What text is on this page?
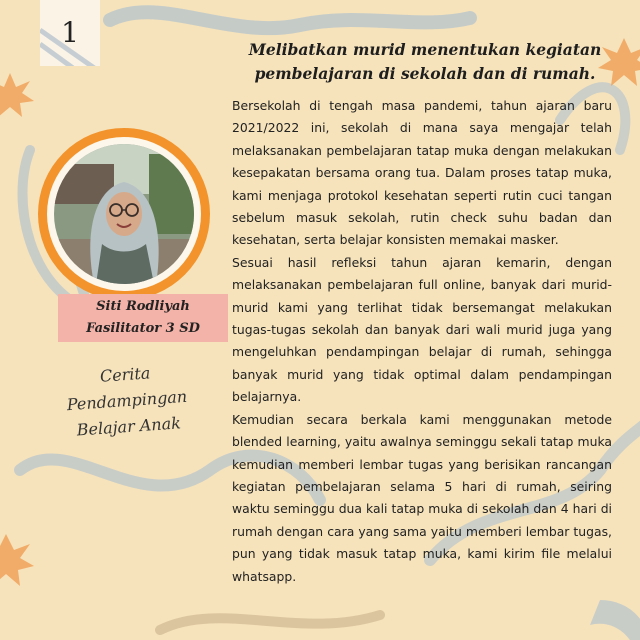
1
Melibatkan murid menentukan kegiatan pembelajaran di sekolah dan di rumah.

Bersekolah di tengah masa pandemi, tahun ajaran baru 2021/2022 ini, sekolah di mana saya mengajar telah melaksanakan pembelajaran tatap muka dengan melakukan kesepakatan bersama orang tua. Dalam proses tatap muka, kami menjaga protokol kesehatan seperti rutin cuci tangan sebelum masuk sekolah, rutin check suhu badan dan kesehatan, serta belajar konsisten memakai masker.

Sesuai hasil refleksi tahun ajaran kemarin, dengan melaksanakan pembelajaran full online, banyak dari murid-murid kami yang terlihat tidak bersemangat melakukan tugas-tugas sekolah dan banyak dari wali murid juga yang mengeluhkan pendampingan belajar di rumah, sehingga banyak murid yang tidak optimal dalam pendampingan belajarnya.

Kemudian secara berkala kami menggunakan metode blended learning, yaitu awalnya seminggu sekali tatap muka kemudian memberi lembar tugas yang berisikan rancangan kegiatan pembelajaran selama 5 hari di rumah, seiring waktu seminggu dua kali tatap muka di sekolah dan 4 hari di rumah dengan cara yang sama yaitu memberi lembar tugas, pun yang tidak masuk tatap muka, kami kirim file melalui whatsapp.

Siti Rodliyah
Fasilitator 3 SD
Cerita Pendampingan
Belajar Anak
